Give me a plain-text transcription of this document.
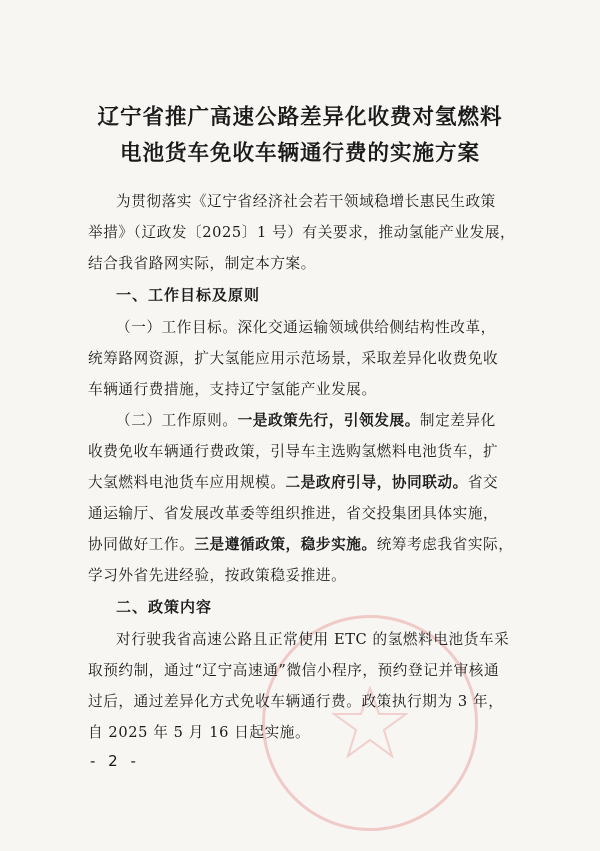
辽宁省推广高速公路差异化收费对氢燃料
电池货车免收车辆通行费的实施方案
为贯彻落实《辽宁省经济社会若干领域稳增长惠民生政策
举措》（辽政发〔2025〕1 号）有关要求，推动氢能产业发展，
结合我省路网实际，制定本方案。
一、工作目标及原则
（一）工作目标。深化交通运输领域供给侧结构性改革，
统筹路网资源，扩大氢能应用示范场景，采取差异化收费免收
车辆通行费措施，支持辽宁氢能产业发展。
（二）工作原则。一是政策先行，引领发展。制定差异化
收费免收车辆通行费政策，引导车主选购氢燃料电池货车，扩
大氢燃料电池货车应用规模。二是政府引导，协同联动。省交
通运输厅、省发展改革委等组织推进，省交投集团具体实施，
协同做好工作。三是遵循政策，稳步实施。统筹考虑我省实际，
学习外省先进经验，按政策稳妥推进。
二、政策内容
对行驶我省高速公路且正常使用 ETC 的氢燃料电池货车采
取预约制，通过“辽宁高速通”微信小程序，预约登记并审核通
过后，通过差异化方式免收车辆通行费。政策执行期为 3 年，
自 2025 年 5 月 16 日起实施。
- 2 -
